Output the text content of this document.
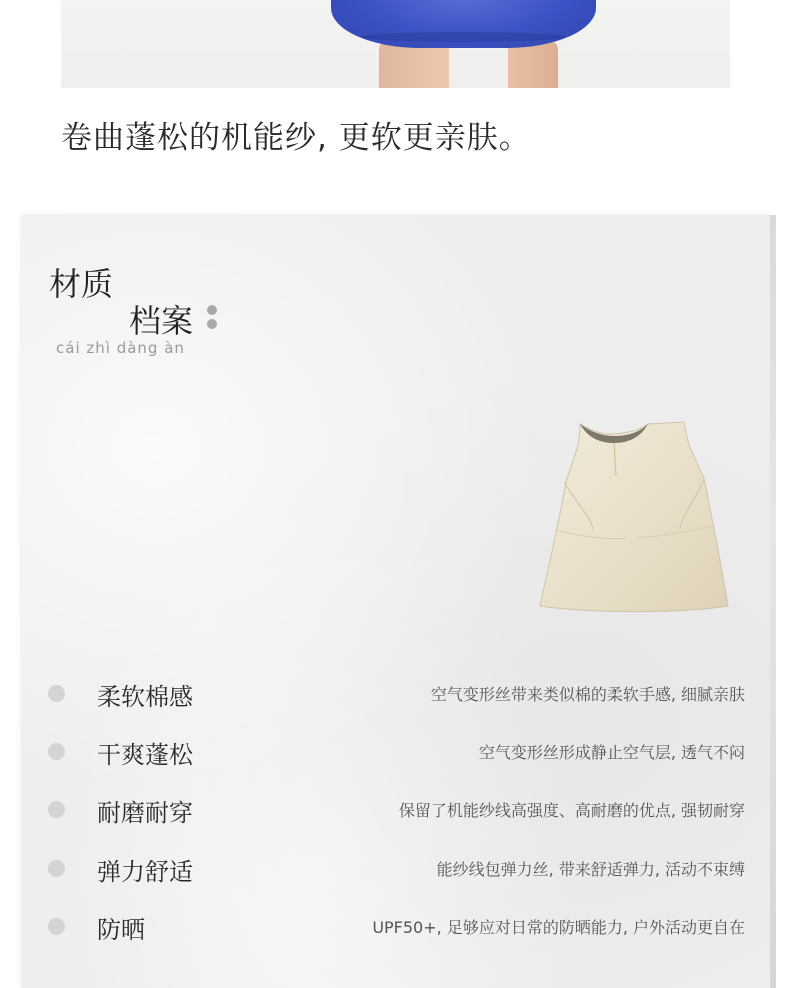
卷曲蓬松的机能纱, 更软更亲肤。
材质
档案

cái zhì dàng àn

柔软棉感	空气变形丝带来类似棉的柔软手感, 细腻亲肤
干爽蓬松	空气变形丝形成静止空气层, 透气不闷
耐磨耐穿	保留了机能纱线高强度、高耐磨的优点, 强韧耐穿
弹力舒适	能纱线包弹力丝, 带来舒适弹力, 活动不束缚
防晒	UPF50+, 足够应对日常的防晒能力, 户外活动更自在
